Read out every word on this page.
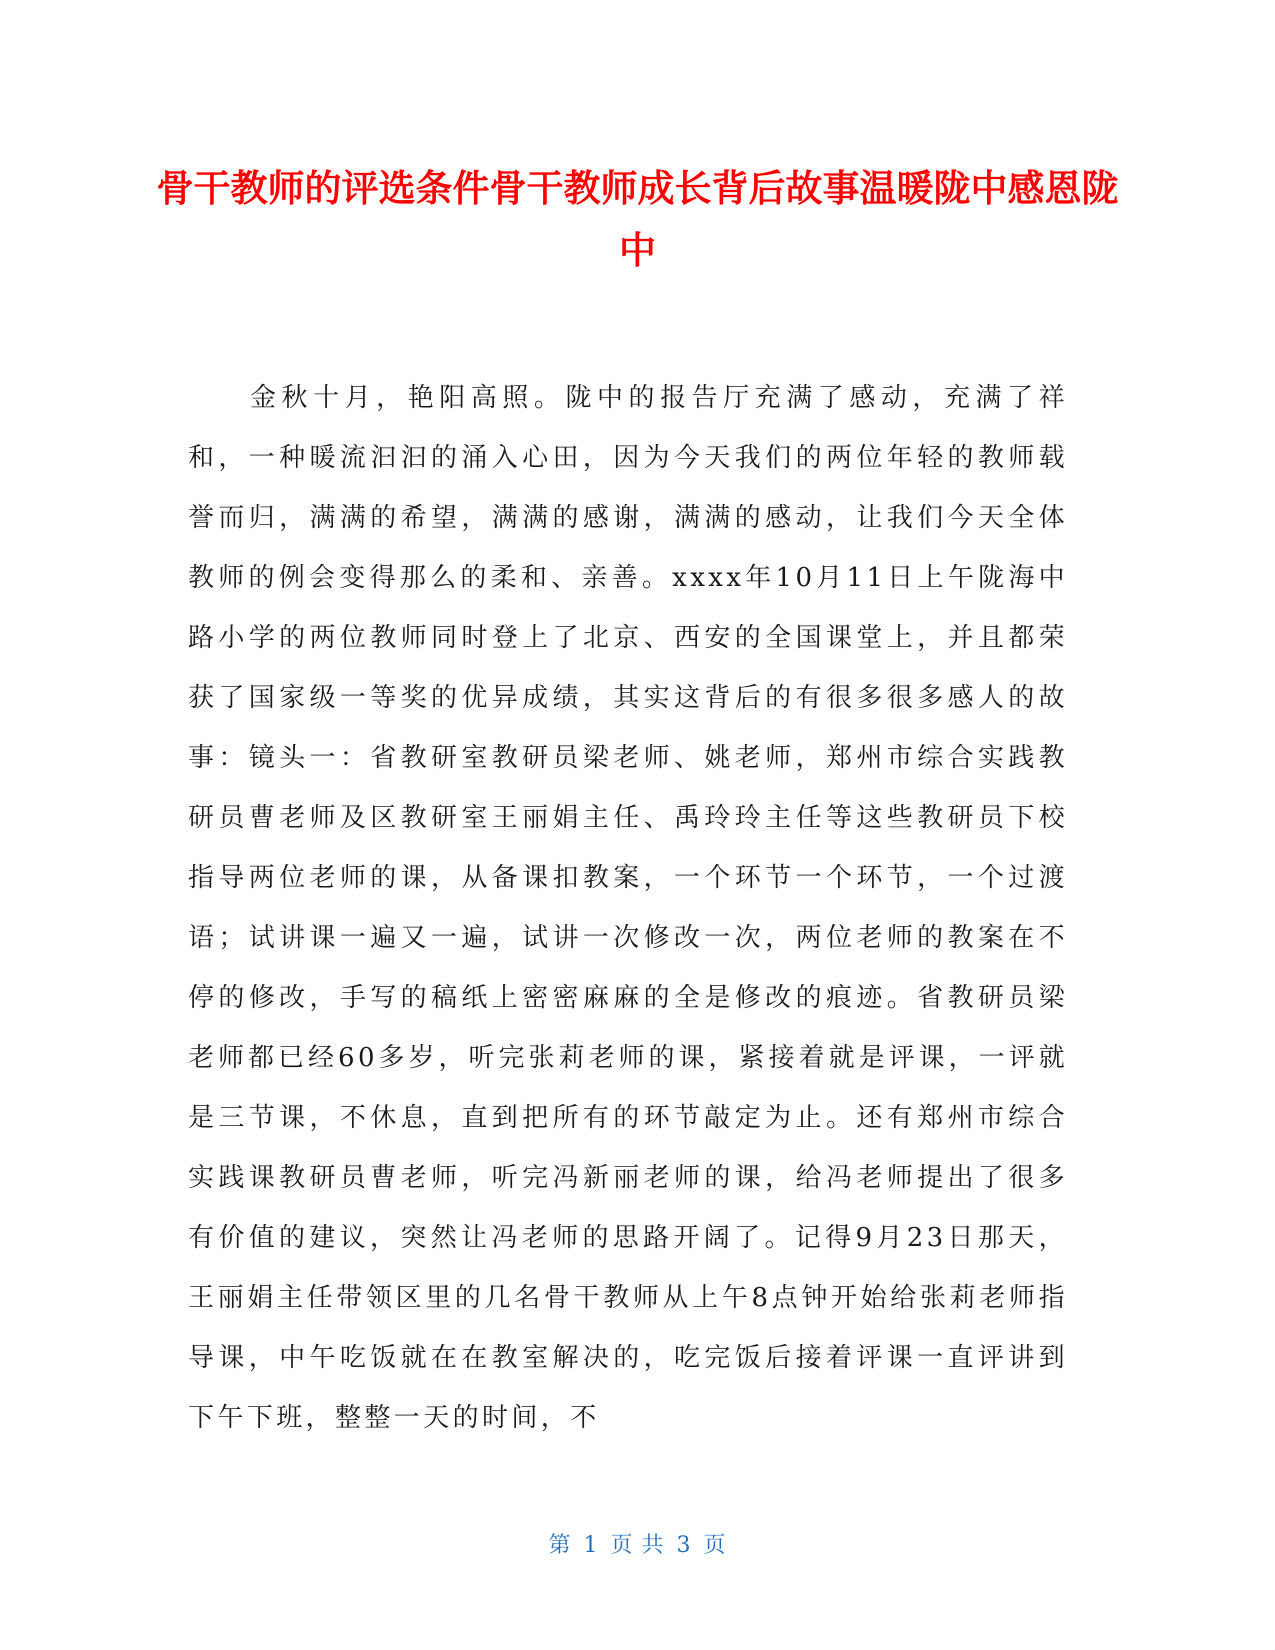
骨干教师的评选条件骨干教师成长背后故事温暖陇中感恩陇中

金秋十月，艳阳高照。陇中的报告厅充满了感动，充满了祥和，一种暖流汩汩的涌入心田，因为今天我们的两位年轻的教师载誉而归，满满的希望，满满的感谢，满满的感动，让我们今天全体教师的例会变得那么的柔和、亲善。xxxx年10月11日上午陇海中路小学的两位教师同时登上了北京、西安的全国课堂上，并且都荣获了国家级一等奖的优异成绩，其实这背后的有很多很多感人的故事：镜头一：省教研室教研员梁老师、姚老师，郑州市综合实践教研员曹老师及区教研室王丽娟主任、禹玲玲主任等这些教研员下校指导两位老师的课，从备课扣教案，一个环节一个环节，一个过渡语；试讲课一遍又一遍，试讲一次修改一次，两位老师的教案在不停的修改，手写的稿纸上密密麻麻的全是修改的痕迹。省教研员梁老师都已经60多岁，听完张莉老师的课，紧接着就是评课，一评就是三节课，不休息，直到把所有的环节敲定为止。还有郑州市综合实践课教研员曹老师，听完冯新丽老师的课，给冯老师提出了很多有价值的建议，突然让冯老师的思路开阔了。记得9月23日那天，王丽娟主任带领区里的几名骨干教师从上午8点钟开始给张莉老师指导课，中午吃饭就在在教室解决的，吃完饭后接着评课一直评讲到下午下班，整整一天的时间，不

第 1 页 共 3 页
